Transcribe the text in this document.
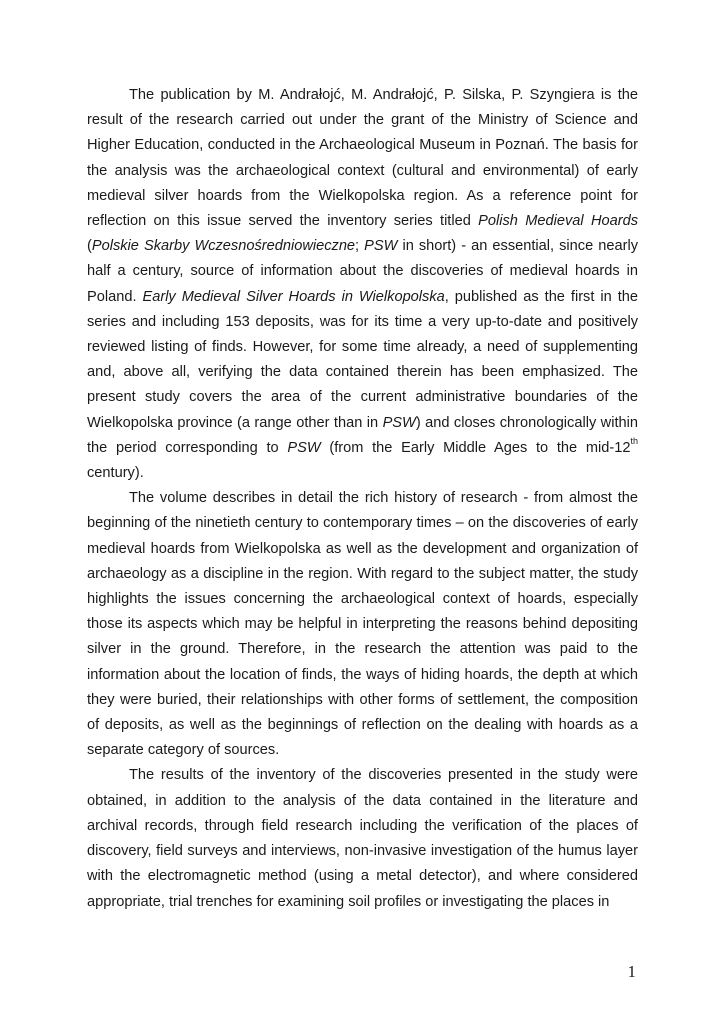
The publication by M. Andrałojć, M. Andrałojć, P. Silska, P. Szyngiera is the result of the research carried out under the grant of the Ministry of Science and Higher Education, conducted in the Archaeological Museum in Poznań. The basis for the analysis was the archaeological context (cultural and environmental) of early medieval silver hoards from the Wielkopolska region. As a reference point for reflection on this issue served the inventory series titled Polish Medieval Hoards (Polskie Skarby Wczesnośredniowieczne; PSW in short) - an essential, since nearly half a century, source of information about the discoveries of medieval hoards in Poland. Early Medieval Silver Hoards in Wielkopolska, published as the first in the series and including 153 deposits, was for its time a very up-to-date and positively reviewed listing of finds. However, for some time already, a need of supplementing and, above all, verifying the data contained therein has been emphasized. The present study covers the area of the current administrative boundaries of the Wielkopolska province (a range other than in PSW) and closes chronologically within the period corresponding to PSW (from the Early Middle Ages to the mid-12th century).

The volume describes in detail the rich history of research - from almost the beginning of the ninetieth century to contemporary times – on the discoveries of early medieval hoards from Wielkopolska as well as the development and organization of archaeology as a discipline in the region. With regard to the subject matter, the study highlights the issues concerning the archaeological context of hoards, especially those its aspects which may be helpful in interpreting the reasons behind depositing silver in the ground. Therefore, in the research the attention was paid to the information about the location of finds, the ways of hiding hoards, the depth at which they were buried, their relationships with other forms of settlement, the composition of deposits, as well as the beginnings of reflection on the dealing with hoards as a separate category of sources.

The results of the inventory of the discoveries presented in the study were obtained, in addition to the analysis of the data contained in the literature and archival records, through field research including the verification of the places of discovery, field surveys and interviews, non-invasive investigation of the humus layer with the electromagnetic method (using a metal detector), and where considered appropriate, trial trenches for examining soil profiles or investigating the places in

1
